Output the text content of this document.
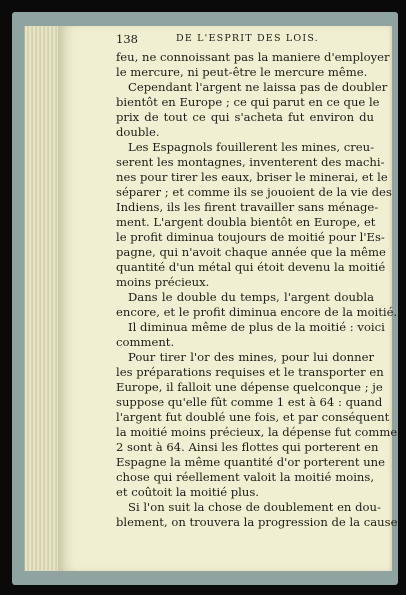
138	DE L'ESPRIT DES LOIS.
feu, ne connoissant pas la maniere d'employer
le mercure, ni peut-être le mercure même.
Cependant l'argent ne laissa pas de doubler
bientôt en Europe ; ce qui parut en ce que le
prix de tout ce qui s'acheta fut environ du
double.
Les Espagnols fouillerent les mines, creu-
serent les montagnes, inventerent des machi-
nes pour tirer les eaux, briser le minerai, et le
séparer ; et comme ils se jouoient de la vie des
Indiens, ils les firent travailler sans ménage-
ment. L'argent doubla bientôt en Europe, et
le profit diminua toujours de moitié pour l'Es-
pagne, qui n'avoit chaque année que la même
quantité d'un métal qui étoit devenu la moitié
moins précieux.
Dans le double du temps, l'argent doubla
encore, et le profit diminua encore de la moitié.
Il diminua même de plus de la moitié : voici
comment.
Pour tirer l'or des mines, pour lui donner
les préparations requises et le transporter en
Europe, il falloit une dépense quelconque ; je
suppose qu'elle fût comme 1 est à 64 : quand
l'argent fut doublé une fois, et par conséquent
la moitié moins précieux, la dépense fut comme
2 sont à 64. Ainsi les flottes qui porterent en
Espagne la même quantité d'or porterent une
chose qui réellement valoit la moitié moins,
et coûtoit la moitié plus.
Si l'on suit la chose de doublement en dou-
blement, on trouvera la progression de la cause
